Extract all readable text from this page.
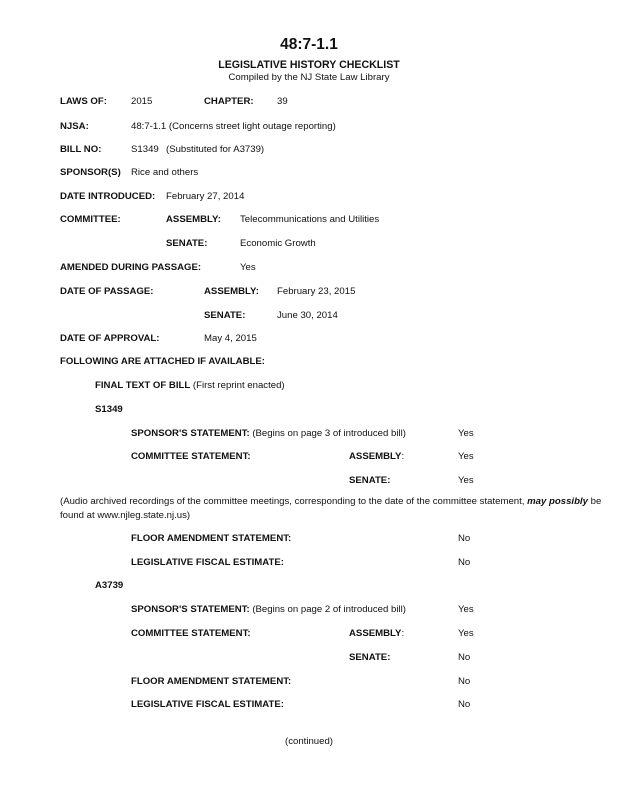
48:7-1.1
LEGISLATIVE HISTORY CHECKLIST
Compiled by the NJ State Law Library
LAWS OF:	2015	CHAPTER: 39
NJSA:	48:7-1.1 (Concerns street light outage reporting)
BILL NO:	S1349 (Substituted for A3739)
SPONSOR(S) Rice and others
DATE INTRODUCED: February 27, 2014
COMMITTEE:	ASSEMBLY: Telecommunications and Utilities
SENATE:	Economic Growth
AMENDED DURING PASSAGE:	Yes
DATE OF PASSAGE:	ASSEMBLY: February 23, 2015
SENATE:	June 30, 2014
DATE OF APPROVAL:	May 4, 2015
FOLLOWING ARE ATTACHED IF AVAILABLE:
FINAL TEXT OF BILL (First reprint enacted)
S1349
SPONSOR'S STATEMENT: (Begins on page 3 of introduced bill)	Yes
COMMITTEE STATEMENT:	ASSEMBLY:	Yes
SENATE:	Yes
(Audio archived recordings of the committee meetings, corresponding to the date of the committee statement, may possibly be found at www.njleg.state.nj.us)
FLOOR AMENDMENT STATEMENT:	No
LEGISLATIVE FISCAL ESTIMATE:	No
A3739
SPONSOR'S STATEMENT: (Begins on page 2 of introduced bill)	Yes
COMMITTEE STATEMENT:	ASSEMBLY:	Yes
SENATE:	No
FLOOR AMENDMENT STATEMENT:	No
LEGISLATIVE FISCAL ESTIMATE:	No
(continued)
